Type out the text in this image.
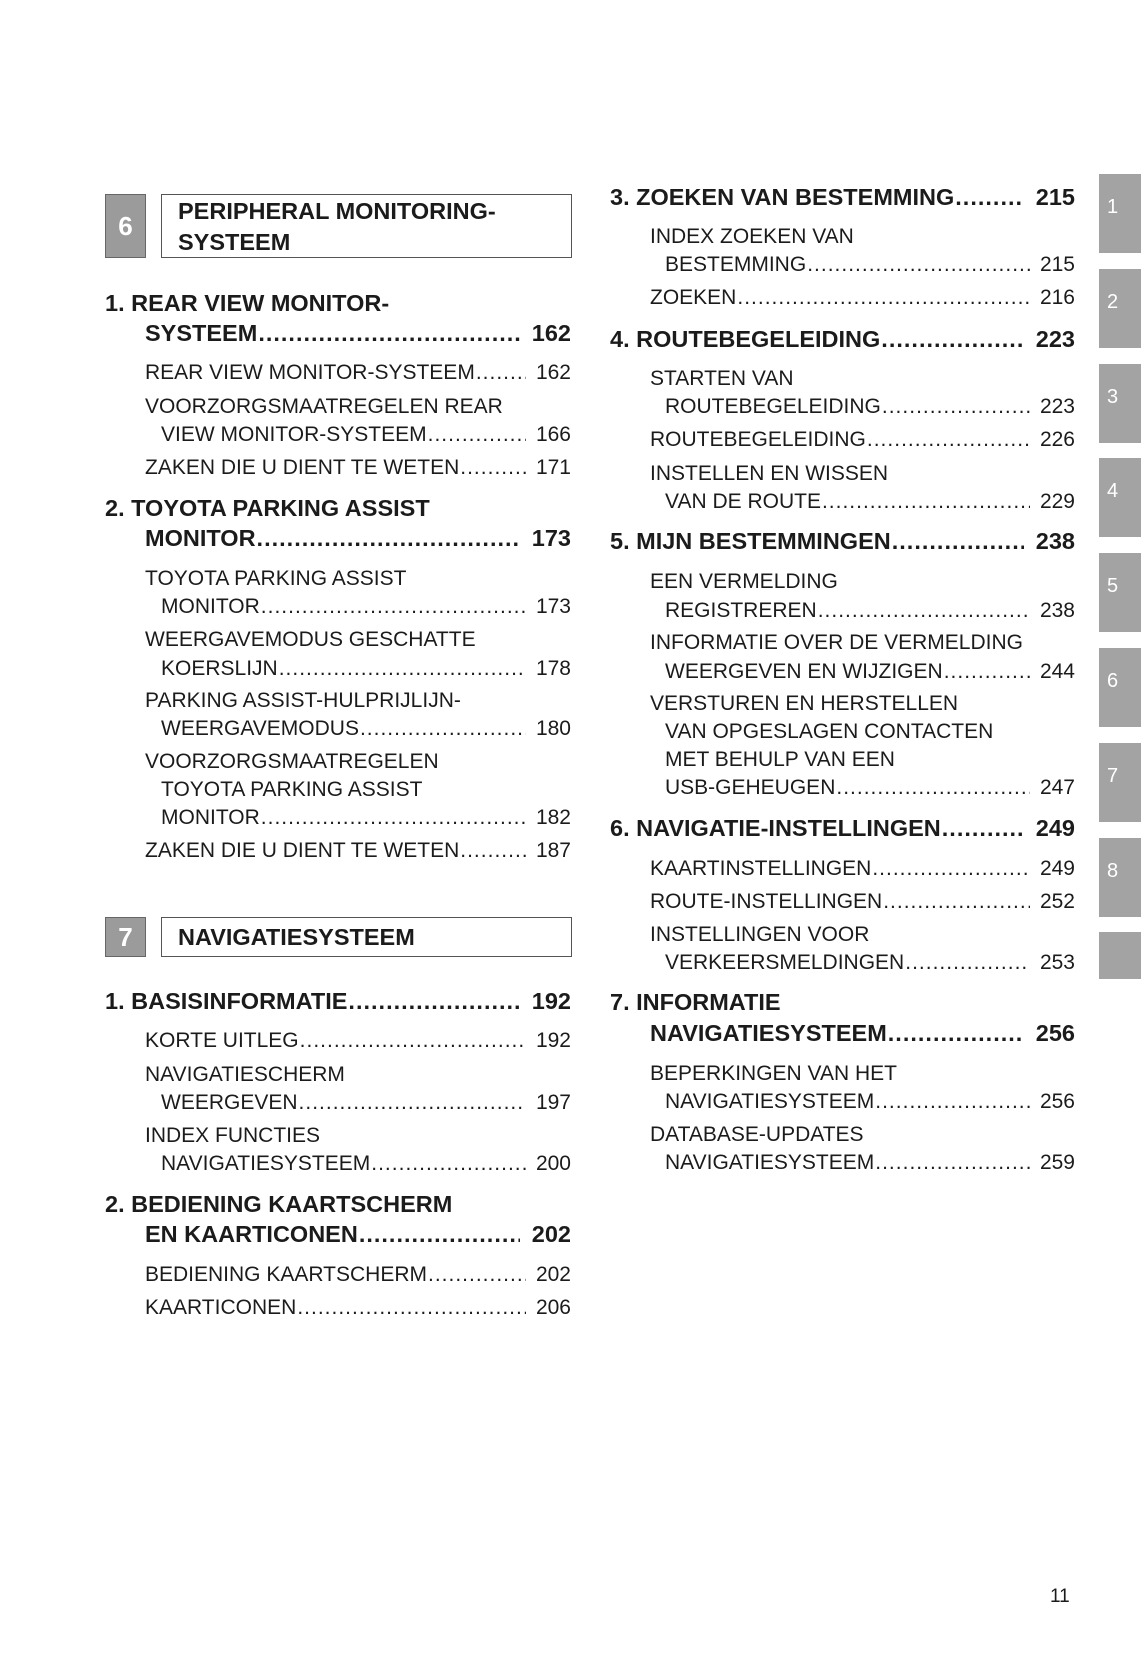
6	PERIPHERAL MONITORING-
SYSTEEM
7	NAVIGATIESYSTEEM
1. REAR VIEW MONITOR-
SYSTEEM .....	162
REAR VIEW MONITOR-SYSTEEM .....	162
VOORZORGSMAATREGELEN REAR
VIEW MONITOR-SYSTEEM .....	166
ZAKEN DIE U DIENT TE WETEN .....	171
2. TOYOTA PARKING ASSIST
MONITOR .....	173
TOYOTA PARKING ASSIST
MONITOR .....	173
WEERGAVEMODUS GESCHATTE
KOERSLIJN .....	178
PARKING ASSIST-HULPRIJLIJN-
WEERGAVEMODUS .....	180
VOORZORGSMAATREGELEN
TOYOTA PARKING ASSIST
MONITOR .....	182
ZAKEN DIE U DIENT TE WETEN .....	187
1. BASISINFORMATIE .....	192
KORTE UITLEG .....	192
NAVIGATIESCHERM
WEERGEVEN .....	197
INDEX FUNCTIES
NAVIGATIESYSTEEM .....	200
2. BEDIENING KAARTSCHERM
EN KAARTICONEN .....	202
BEDIENING KAARTSCHERM .....	202
KAARTICONEN .....	206
3. ZOEKEN VAN BESTEMMING .....	215
INDEX ZOEKEN VAN
BESTEMMING .....	215
ZOEKEN .....	216
4. ROUTEBEGELEIDING .....	223
STARTEN VAN
ROUTEBEGELEIDING .....	223
ROUTEBEGELEIDING .....	226
INSTELLEN EN WISSEN
VAN DE ROUTE .....	229
5. MIJN BESTEMMINGEN .....	238
EEN VERMELDING
REGISTREREN .....	238
INFORMATIE OVER DE VERMELDING
WEERGEVEN EN WIJZIGEN .....	244
VERSTUREN EN HERSTELLEN
VAN OPGESLAGEN CONTACTEN
MET BEHULP VAN EEN
USB-GEHEUGEN .....	247
6. NAVIGATIE-INSTELLINGEN .....	249
KAARTINSTELLINGEN .....	249
ROUTE-INSTELLINGEN .....	252
INSTELLINGEN VOOR
VERKEERSMELDINGEN .....	253
7. INFORMATIE
NAVIGATIESYSTEEM .....	256
BEPERKINGEN VAN HET
NAVIGATIESYSTEEM .....	256
DATABASE-UPDATES
NAVIGATIESYSTEEM .....	259
1
2
3
4
5
6
7
8
11
